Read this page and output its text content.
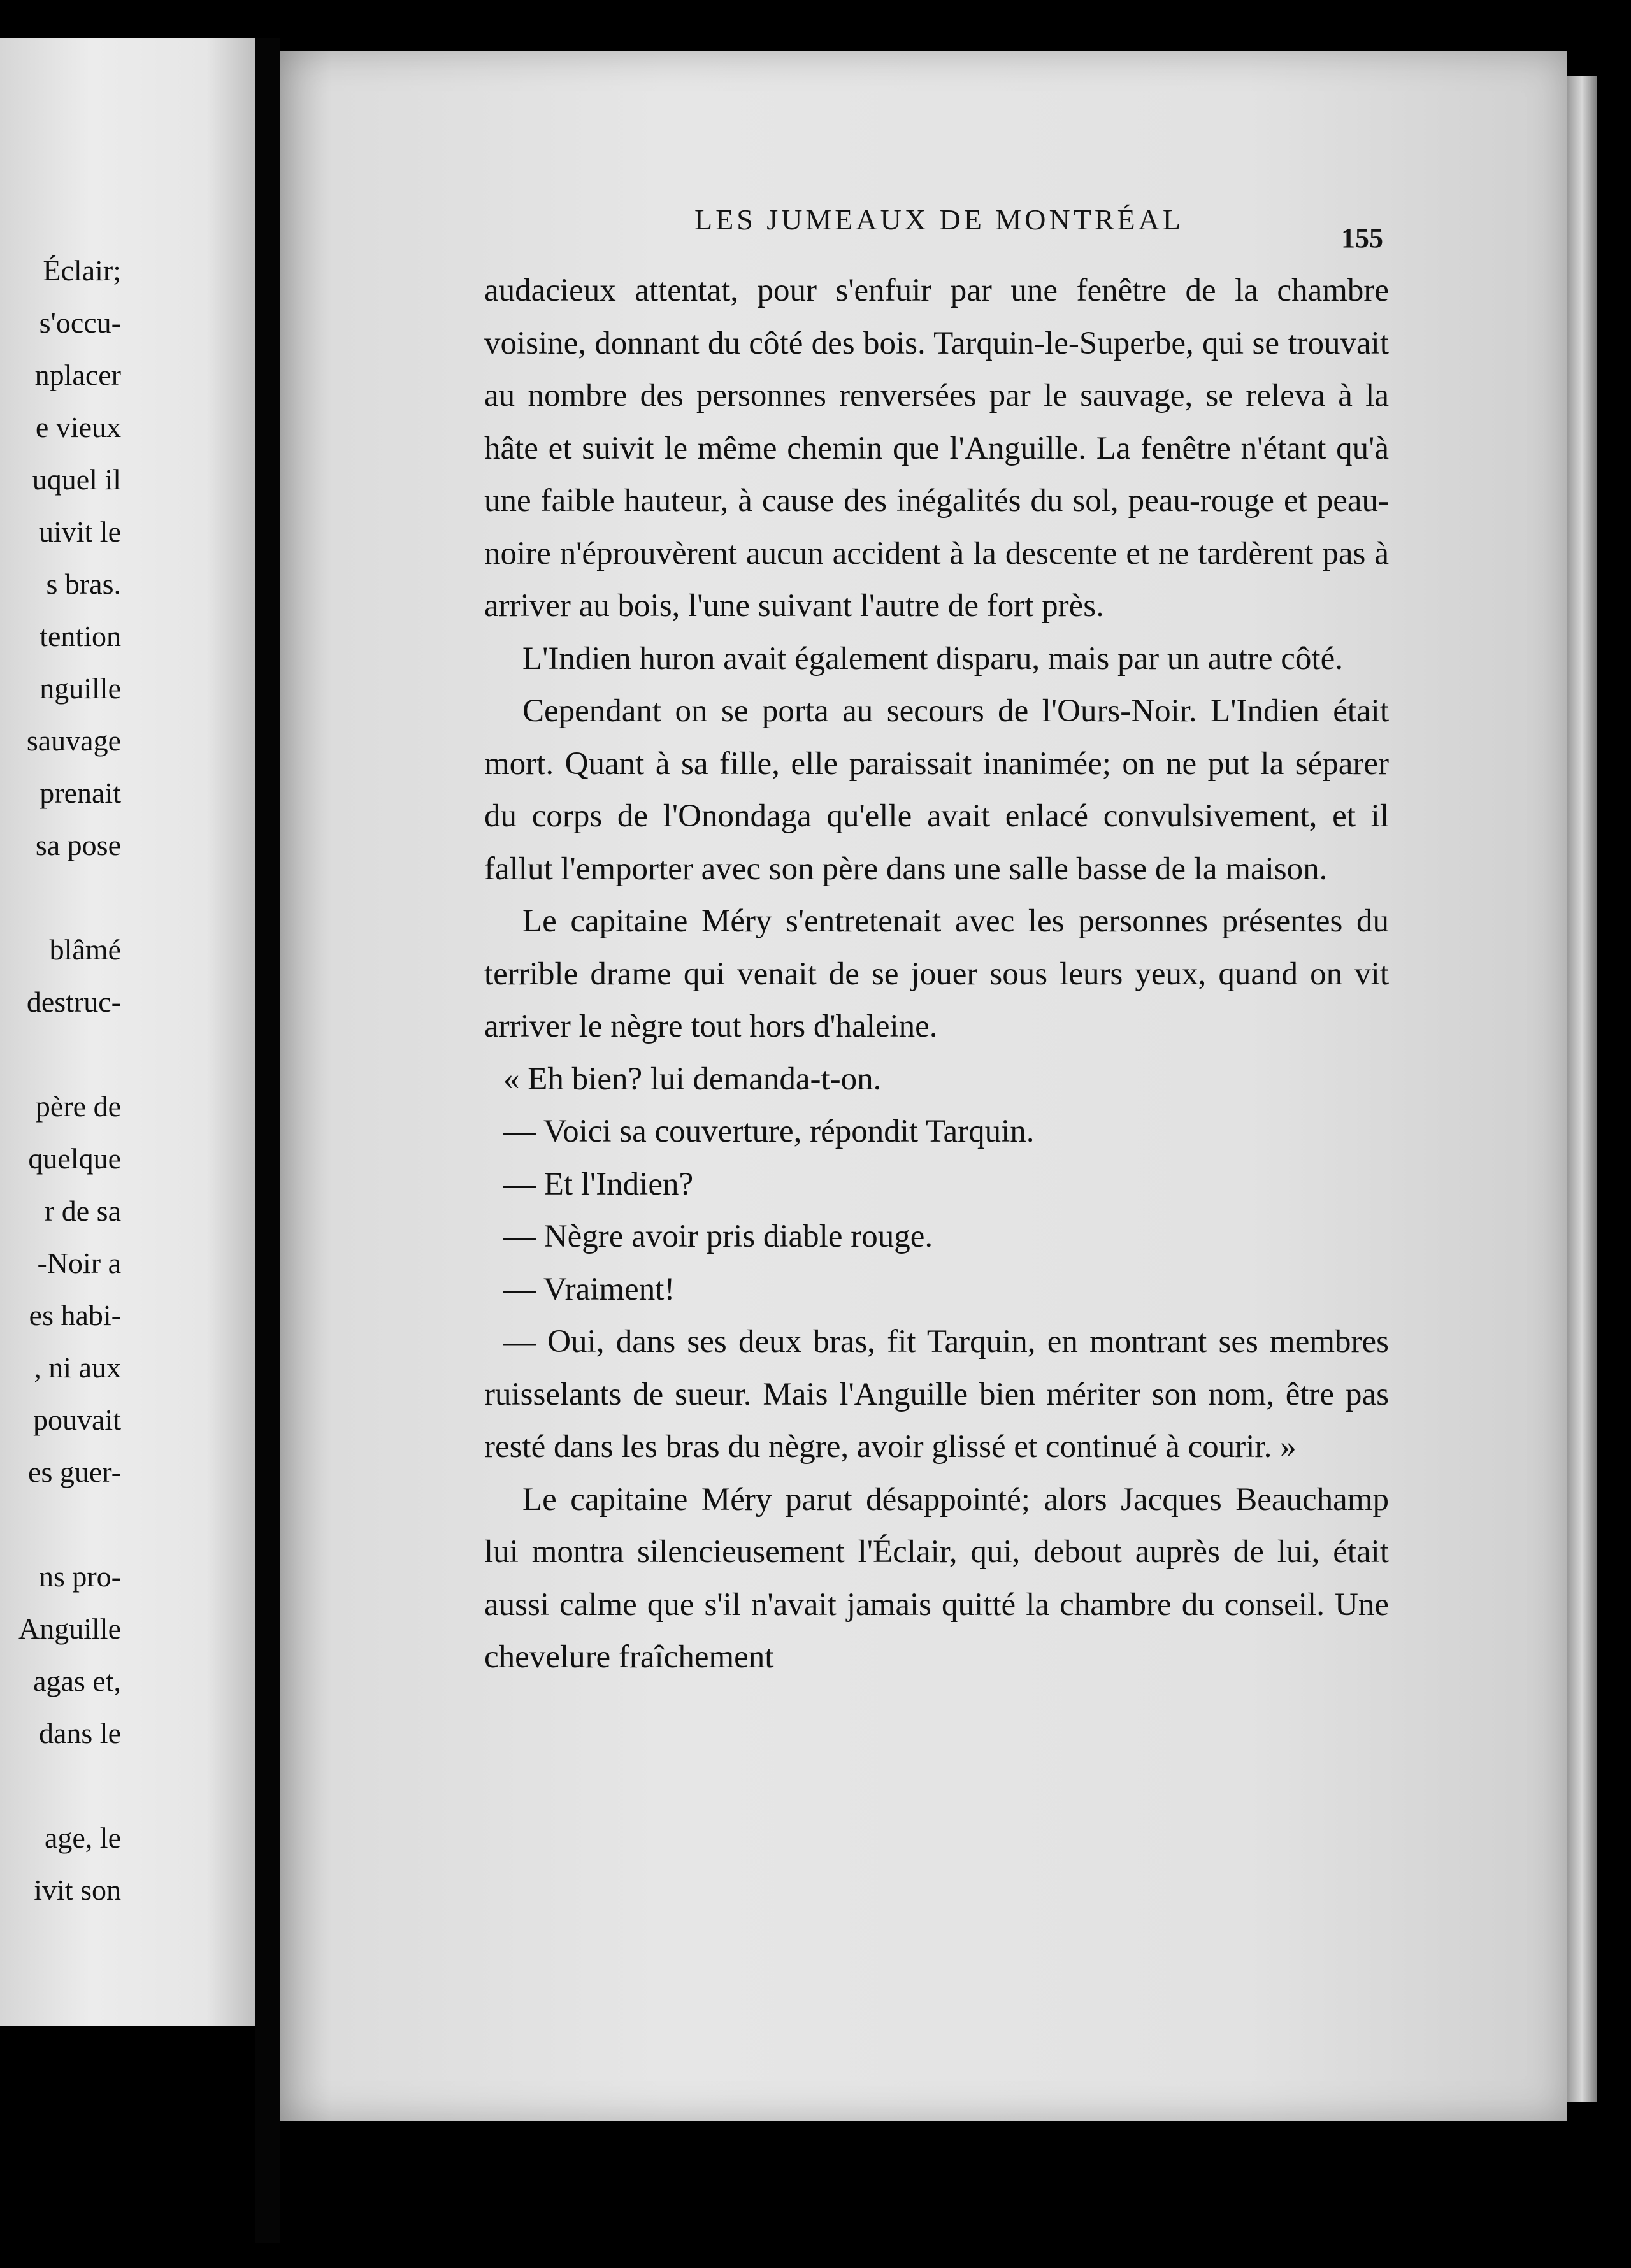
Éclair;
s'occu-
nplacer
e vieux
uquel il
uivit le
s bras.
tention
nguille
sauvage
prenait
sa pose
blâmé
destruc-
père de
quelque
r de sa
-Noir a
es habi-
, ni aux
pouvait
es guer-
ns pro-
Anguille
agas et,
dans le
age, le
ivit son
LES JUMEAUX DE MONTRÉAL
155

audacieux attentat, pour s'enfuir par une fenêtre de la chambre voisine, donnant du côté des bois. Tarquin-le-Superbe, qui se trouvait au nombre des personnes renversées par le sauvage, se releva à la hâte et suivit le même chemin que l'Anguille. La fenêtre n'étant qu'à une faible hauteur, à cause des inégalités du sol, peau-rouge et peau-noire n'éprouvèrent aucun accident à la descente et ne tardèrent pas à arriver au bois, l'une suivant l'autre de fort près.

L'Indien huron avait également disparu, mais par un autre côté.

Cependant on se porta au secours de l'Ours-Noir. L'Indien était mort. Quant à sa fille, elle paraissait inanimée; on ne put la séparer du corps de l'Onondaga qu'elle avait enlacé convulsivement, et il fallut l'emporter avec son père dans une salle basse de la maison.

Le capitaine Méry s'entretenait avec les personnes présentes du terrible drame qui venait de se jouer sous leurs yeux, quand on vit arriver le nègre tout hors d'haleine.

« Eh bien? lui demanda-t-on.

— Voici sa couverture, répondit Tarquin.

— Et l'Indien?

— Nègre avoir pris diable rouge.

— Vraiment!

— Oui, dans ses deux bras, fit Tarquin, en montrant ses membres ruisselants de sueur. Mais l'Anguille bien mériter son nom, être pas resté dans les bras du nègre, avoir glissé et continué à courir. »

Le capitaine Méry parut désappointé; alors Jacques Beauchamp lui montra silencieusement l'Éclair, qui, debout auprès de lui, était aussi calme que s'il n'avait jamais quitté la chambre du conseil. Une chevelure fraîchement
